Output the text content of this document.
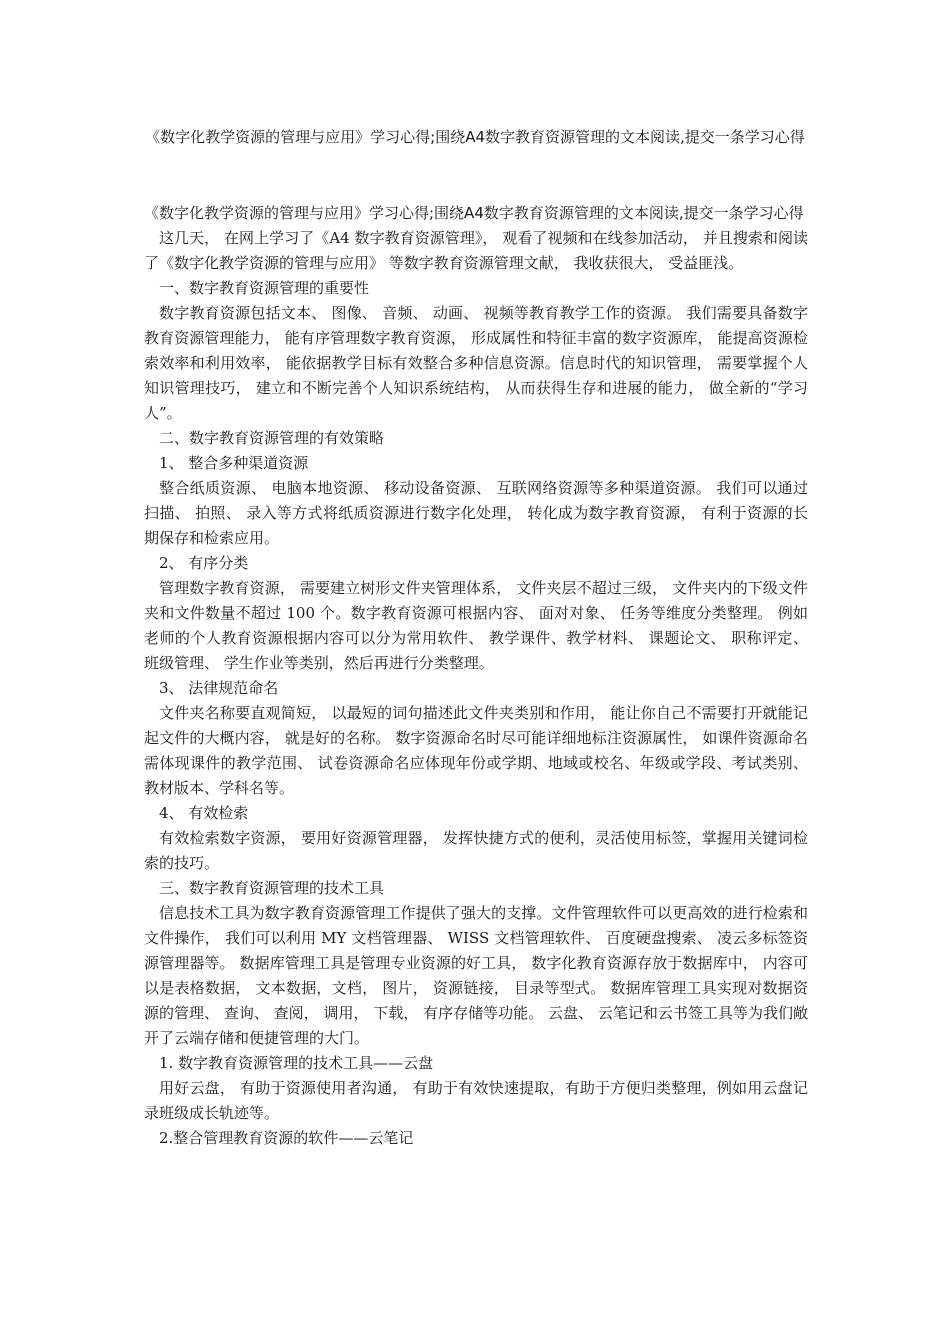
《数字化教学资源的管理与应用》学习心得;围绕A4数字教育资源管理的文本阅读,提交一条学习心得

《数字化教学资源的管理与应用》学习心得;围绕A4数字教育资源管理的文本阅读,提交一条学习心得

这几天， 在网上学习了《A4 数字教育资源管理》， 观看了视频和在线参加活动， 并且搜索和阅读了《数字化教学资源的管理与应用》 等数字教育资源管理文献， 我收获很大， 受益匪浅。

一、数字教育资源管理的重要性

数字教育资源包括文本、 图像、 音频、 动画、 视频等教育教学工作的资源。 我们需要具备数字教育资源管理能力， 能有序管理数字教育资源， 形成属性和特征丰富的数字资源库， 能提高资源检索效率和利用效率， 能依据教学目标有效整合多种信息资源。信息时代的知识管理， 需要掌握个人知识管理技巧， 建立和不断完善个人知识系统结构， 从而获得生存和进展的能力， 做全新的“学习人”。

二、数字教育资源管理的有效策略

1、 整合多种渠道资源

整合纸质资源、 电脑本地资源、 移动设备资源、 互联网络资源等多种渠道资源。 我们可以通过扫描、 拍照、 录入等方式将纸质资源进行数字化处理， 转化成为数字教育资源， 有利于资源的长期保存和检索应用。

2、 有序分类

管理数字教育资源， 需要建立树形文件夹管理体系， 文件夹层不超过三级， 文件夹内的下级文件夹和文件数量不超过 100 个。数字教育资源可根据内容、 面对对象、 任务等维度分类整理。 例如老师的个人教育资源根据内容可以分为常用软件、 教学课件、教学材料、 课题论文、 职称评定、 班级管理、 学生作业等类别，然后再进行分类整理。

3、 法律规范命名

文件夹名称要直观简短， 以最短的词句描述此文件夹类别和作用， 能让你自己不需要打开就能记起文件的大概内容， 就是好的名称。 数字资源命名时尽可能详细地标注资源属性， 如课件资源命名需体现课件的教学范围、 试卷资源命名应体现年份或学期、地域或校名、年级或学段、考试类别、教材版本、学科名等。

4、 有效检索

有效检索数字资源， 要用好资源管理器， 发挥快捷方式的便利，灵活使用标签，掌握用关键词检索的技巧。

三、数字教育资源管理的技术工具

信息技术工具为数字教育资源管理工作提供了强大的支撑。文件管理软件可以更高效的进行检索和文件操作， 我们可以利用 MY 文档管理器、 WISS 文档管理软件、 百度硬盘搜索、 凌云多标签资源管理器等。 数据库管理工具是管理专业资源的好工具， 数字化教育资源存放于数据库中， 内容可以是表格数据， 文本数据，文档， 图片， 资源链接， 目录等型式。 数据库管理工具实现对数据资源的管理、 查询、 查阅， 调用， 下载， 有序存储等功能。 云盘、 云笔记和云书签工具等为我们敞开了云端存储和便捷管理的大门。

1. 数字教育资源管理的技术工具——云盘

用好云盘， 有助于资源使用者沟通， 有助于有效快速提取，有助于方便归类整理，例如用云盘记录班级成长轨迹等。

2.整合管理教育资源的软件——云笔记
